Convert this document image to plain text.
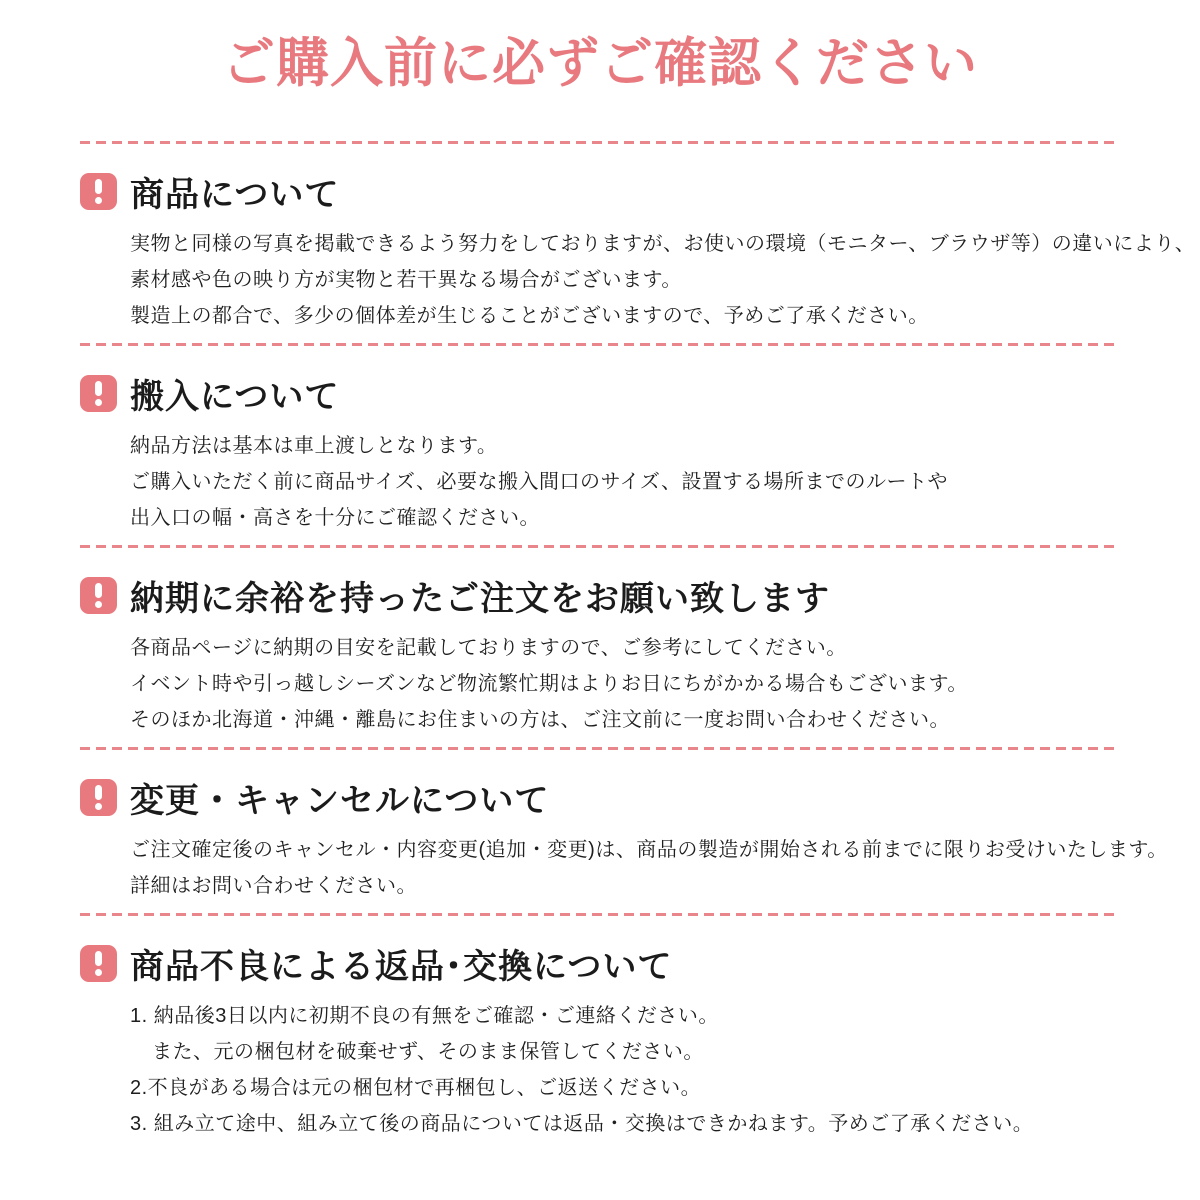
ご購入前に必ずご確認ください
商品について
実物と同様の写真を掲載できるよう努力をしておりますが、お使いの環境（モニター、ブラウザ等）の違いにより、
素材感や色の映り方が実物と若干異なる場合がございます。
製造上の都合で、多少の個体差が生じることがございますので、予めご了承ください。
搬入について
納品方法は基本は車上渡しとなります。
ご購入いただく前に商品サイズ、必要な搬入間口のサイズ、設置する場所までのルートや
出入口の幅・高さを十分にご確認ください。
納期に余裕を持ったご注文をお願い致します
各商品ページに納期の目安を記載しておりますので、ご参考にしてください。
イベント時や引っ越しシーズンなど物流繁忙期はよりお日にちがかかる場合もございます。
そのほか北海道・沖縄・離島にお住まいの方は、ご注文前に一度お問い合わせください。
変更・キャンセルについて
ご注文確定後のキャンセル・内容変更(追加・変更)は、商品の製造が開始される前までに限りお受けいたします。
詳細はお問い合わせください。
商品不良による返品･交換について
1. 納品後3日以内に初期不良の有無をご確認・ご連絡ください。
また、元の梱包材を破棄せず、そのまま保管してください。
2.不良がある場合は元の梱包材で再梱包し、ご返送ください。
3. 組み立て途中、組み立て後の商品については返品・交換はできかねます。予めご了承ください。
